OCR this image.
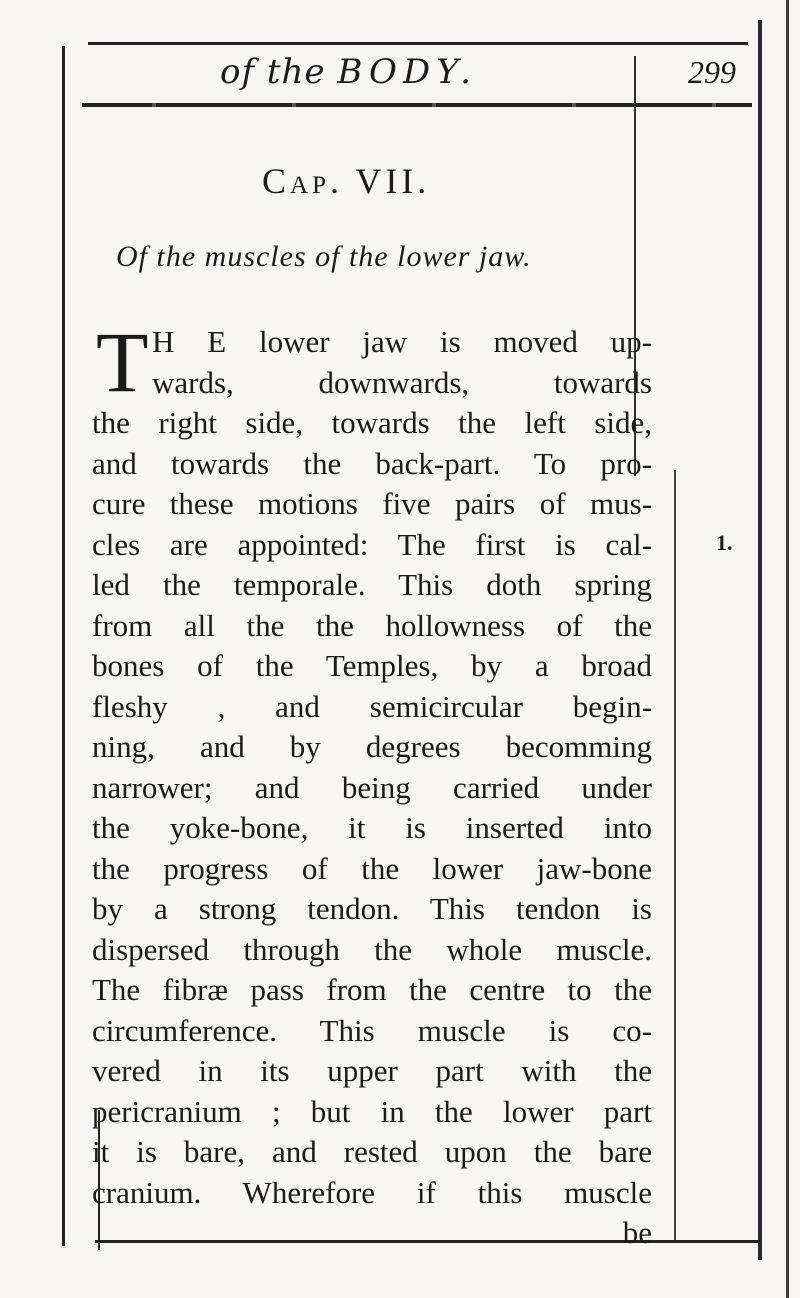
of the BODY.	299
Cap. VII.
Of the muscles of the lower jaw.
T H E lower jaw is moved up-
wards, downwards, towards
the right side, towards the left side,
and towards the back-part. To pro-
cure these motions five pairs of mus-
cles are appointed: The first is cal-
led the temporale. This doth spring
from all the the hollowness of the
bones of the Temples, by a broad
fleshy , and semicircular begin-
ning, and by degrees becomming
narrower; and being carried under
the yoke-bone, it is inserted into
the progress of the lower jaw-bone
by a strong tendon. This tendon is
dispersed through the whole muscle.
The fibræ pass from the centre to the
circumference. This muscle is co-
vered in its upper part with the
pericranium ; but in the lower part
it is bare, and rested upon the bare
cranium. Wherefore if this muscle
be
1.
